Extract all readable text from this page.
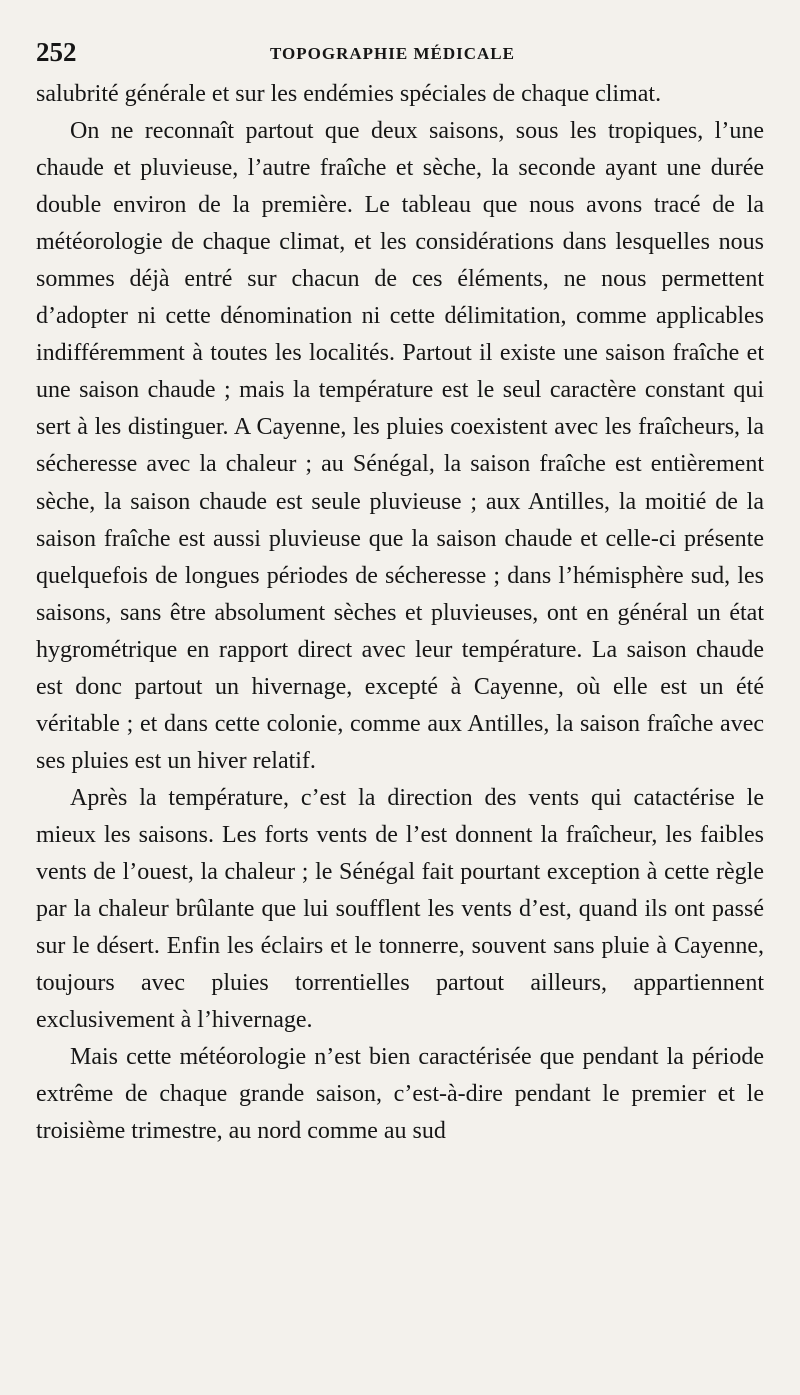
252	TOPOGRAPHIE MÉDICALE

salubrité générale et sur les endémies spéciales de chaque climat.

On ne reconnaît partout que deux saisons, sous les tropiques, l’une chaude et pluvieuse, l’autre fraîche et sèche, la seconde ayant une durée double environ de la première. Le tableau que nous avons tracé de la météorologie de chaque climat, et les considérations dans lesquelles nous sommes déjà entré sur chacun de ces éléments, ne nous permettent d’adopter ni cette dénomination ni cette délimitation, comme applicables indifféremment à toutes les localités. Partout il existe une saison fraîche et une saison chaude ; mais la température est le seul caractère constant qui sert à les distinguer. A Cayenne, les pluies coexistent avec les fraîcheurs, la sécheresse avec la chaleur ; au Sénégal, la saison fraîche est entièrement sèche, la saison chaude est seule pluvieuse ; aux Antilles, la moitié de la saison fraîche est aussi pluvieuse que la saison chaude et celle-ci présente quelquefois de longues périodes de sécheresse ; dans l’hémisphère sud, les saisons, sans être absolument sèches et pluvieuses, ont en général un état hygrométrique en rapport direct avec leur température. La saison chaude est donc partout un hivernage, excepté à Cayenne, où elle est un été véritable ; et dans cette colonie, comme aux Antilles, la saison fraîche avec ses pluies est un hiver relatif.

Après la température, c’est la direction des vents qui catactérise le mieux les saisons. Les forts vents de l’est donnent la fraîcheur, les faibles vents de l’ouest, la chaleur ; le Sénégal fait pourtant exception à cette règle par la chaleur brûlante que lui soufflent les vents d’est, quand ils ont passé sur le désert. Enfin les éclairs et le tonnerre, souvent sans pluie à Cayenne, toujours avec pluies torrentielles partout ailleurs, appartiennent exclusivement à l’hivernage.

Mais cette météorologie n’est bien caractérisée que pendant la période extrême de chaque grande saison, c’est-à-dire pendant le premier et le troisième trimestre, au nord comme au sud
